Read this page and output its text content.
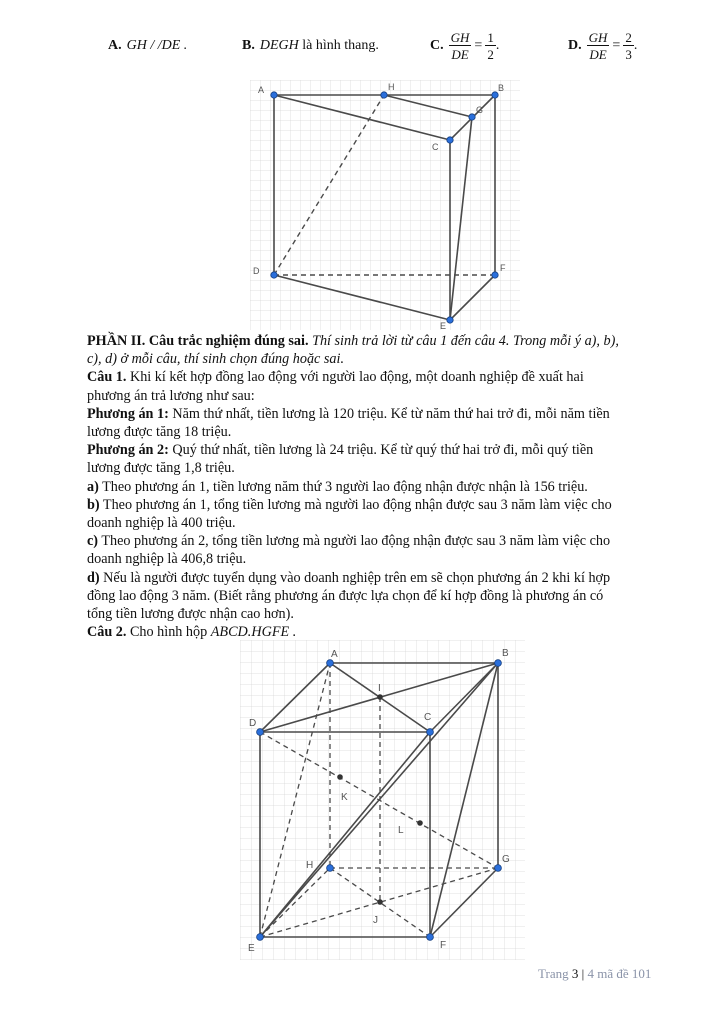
A. GH / /DE .	B. DEGH là hình thang.	C. $\frac{GH}{DE} = \frac{1}{2}$ .	D. $\frac{GH}{DE} = \frac{2}{3}$ .
A	H	B
G
C
D	F
E

PHẦN II. Câu trắc nghiệm đúng sai. Thí sinh trả lời từ câu 1 đến câu 4. Trong mỗi ý a), b),

c), d) ở mỗi câu, thí sinh chọn đúng hoặc sai.

Câu 1. Khi kí kết hợp đồng lao động với người lao động, một doanh nghiệp đề xuất hai

phương án trả lương như sau:

Phương án 1: Năm thứ nhất, tiền lương là 120 triệu. Kể từ năm thứ hai trở đi, mỗi năm tiền

lương được tăng 18 triệu.

Phương án 2: Quý thứ nhất, tiền lương là 24 triệu. Kể từ quý thứ hai trở đi, mỗi quý tiền

lương được tăng 1,8 triệu.

a) Theo phương án 1, tiền lương năm thứ 3 người lao động nhận được nhận là 156 triệu.

b) Theo phương án 1, tổng tiền lương mà người lao động nhận được sau 3 năm làm việc cho

doanh nghiệp là 400 triệu.

c) Theo phương án 2, tổng tiền lương mà người lao động nhận được sau 3 năm làm việc cho

doanh nghiệp là 406,8 triệu.

d) Nếu là người được tuyển dụng vào doanh nghiệp trên em sẽ chọn phương án 2 khi kí hợp

đồng lao động 3 năm. (Biết rằng phương án được lựa chọn để kí hợp đồng là phương án có

tổng tiền lương được nhận cao hơn).

Câu 2. Cho hình hộp ABCD.HGFE .

A	B
I
D
C
K
L
H
G
J
E	F
Trang 3 | 4 mã đề 101
